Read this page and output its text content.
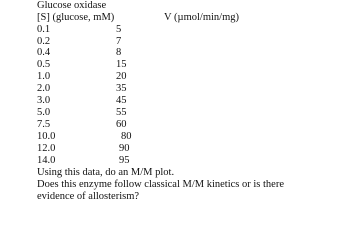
Glucose oxidase
[S] (glucose, mM)	V (µmol/min/mg)
0.1	5
0.2	7
0.4	8
0.5	15
1.0	20
2.0	35
3.0	45
5.0	55
7.5	60
10.0	80
12.0	90
14.0	95
Using this data, do an M/M plot.
Does this enzyme follow classical M/M kinetics or is there
evidence of allosterism?
